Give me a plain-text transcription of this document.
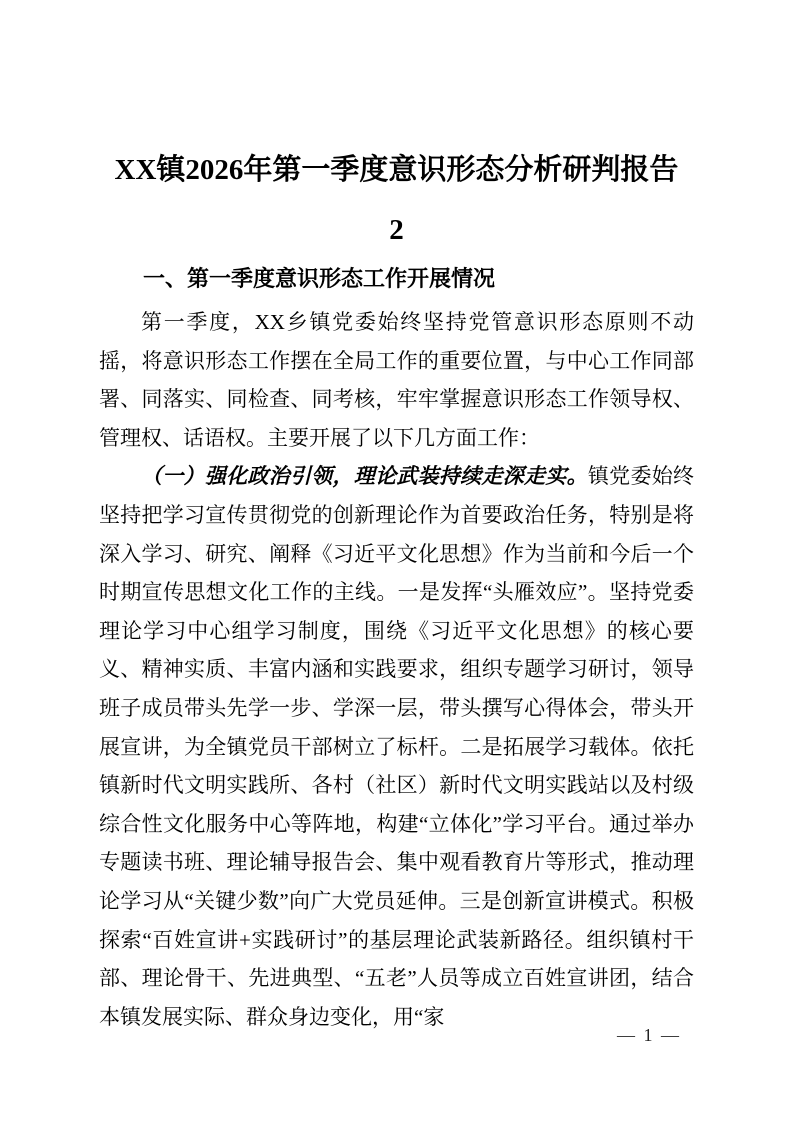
XX镇2026年第一季度意识形态分析研判报告
2
一、第一季度意识形态工作开展情况

第一季度，XX乡镇党委始终坚持党管意识形态原则不动摇，将意识形态工作摆在全局工作的重要位置，与中心工作同部署、同落实、同检查、同考核，牢牢掌握意识形态工作领导权、管理权、话语权。主要开展了以下几方面工作：

（一）强化政治引领，理论武装持续走深走实。镇党委始终坚持把学习宣传贯彻党的创新理论作为首要政治任务，特别是将深入学习、研究、阐释《习近平文化思想》作为当前和今后一个时期宣传思想文化工作的主线。一是发挥“头雁效应”。坚持党委理论学习中心组学习制度，围绕《习近平文化思想》的核心要义、精神实质、丰富内涵和实践要求，组织专题学习研讨，领导班子成员带头先学一步、学深一层，带头撰写心得体会，带头开展宣讲，为全镇党员干部树立了标杆。二是拓展学习载体。依托镇新时代文明实践所、各村（社区）新时代文明实践站以及村级综合性文化服务中心等阵地，构建“立体化”学习平台。通过举办专题读书班、理论辅导报告会、集中观看教育片等形式，推动理论学习从“关键少数”向广大党员延伸。三是创新宣讲模式。积极探索“百姓宣讲+实践研讨”的基层理论武装新路径。组织镇村干部、理论骨干、先进典型、“五老”人员等成立百姓宣讲团，结合本镇发展实际、群众身边变化，用“家

— 1 —
